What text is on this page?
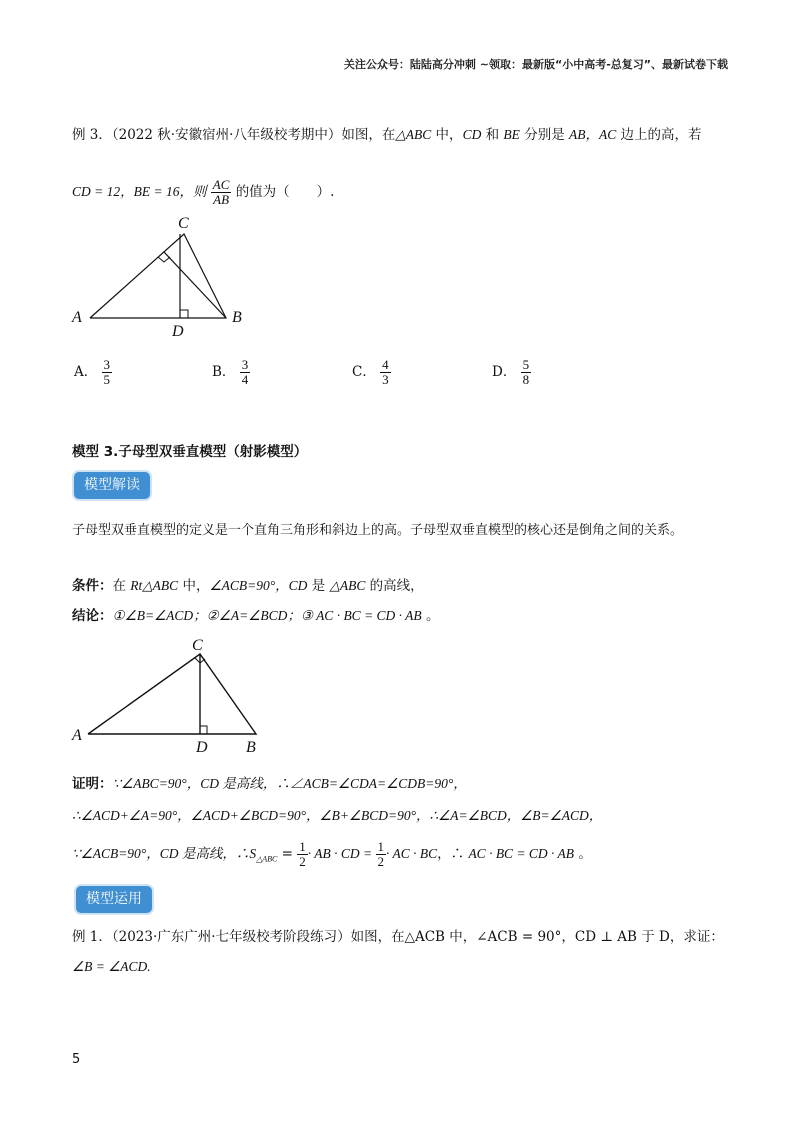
关注公众号：陆陆高分冲刺 ~领取：最新版“小中高考-总复习”、最新试卷下载
例 3．（2022 秋·安徽宿州·八年级校考期中）如图，在△ABC 中，CD 和 BE 分别是 AB，AC 边上的高，若
CD = 12，BE = 16，则 $\frac{AC}{AB}$ 的值为（　　）.
C
A	B
D
A． $\frac{3}{5}$	B． $\frac{3}{4}$	C． $\frac{4}{3}$	D． $\frac{5}{8}$
模型 3.子母型双垂直模型（射影模型）
模型解读
子母型双垂直模型的定义是一个直角三角形和斜边上的高。子母型双垂直模型的核心还是倒角之间的关系。
条件：在 Rt△ABC 中，∠ACB=90°，CD 是 △ABC 的高线，
结论：①∠B=∠ACD；②∠A=∠BCD；③ AC · BC = CD · AB 。
C
A
B
D
证明：∵∠ABC=90°，CD 是高线，∴∠ACB=∠CDA=∠CDB=90°，
∴∠ACD+∠A=90°，∠ACD+∠BCD=90°，∠B+∠BCD=90°，∴∠A=∠BCD，∠B=∠ACD，
∵∠ACB=90°，CD 是高线，$\therefore S_{\triangle ABC} = \frac{1}{2}$ · AB · CD = $\frac{1}{2}$ · AC · BC，∴ AC · BC = CD · AB 。
模型运用
例 1．（2023·广东广州·七年级校考阶段练习）如图，在△ACB 中，∠ACB = 90°，CD ⊥ AB 于 D，求证：
∠B = ∠ACD.
5
